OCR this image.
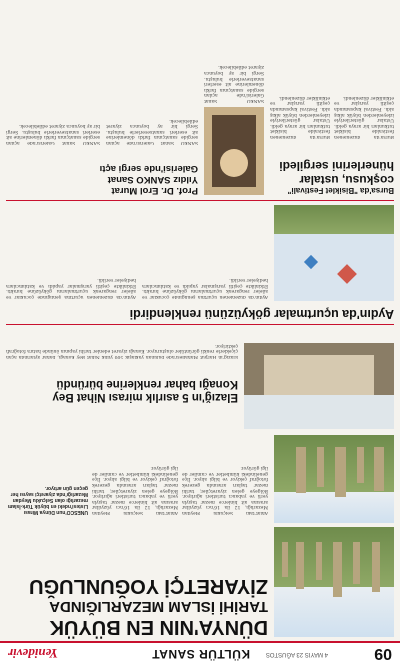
09
4 MAYIS 23 AĞUSTOS
KÜLTÜR SANAT
Yenidevir
DÜNYA'NIN EN BÜYÜK
TARİHİ İSLAM MEZARLIĞINDA
ZİYARETÇİ YOĞUNLUĞU
UNESCO'nun Dünya Mirası Listesi'ndeki en büyük Türk-İslam mezarlığı olan Selçuklu Meydan Mezarlığı'nda ziyaretçi sayısı her geçen gün artıyor.
Ahlat'taki Selçuklu Meydan Mezarlığı, 12 ila 16'ncı yüzyıllar arasına ait binlerce mezar taşıyla yerli ve yabancı turistleri ağırlıyor. Bölgeye gelen ziyaretçiler, tarihi mezar taşları arasında gezerek fotoğraf çekiyor ve bilgi alıyor. İlçe genelindeki kümbetler ve camiler de ilgi görüyor.
Ahlat'taki Selçuklu Meydan Mezarlığı, 12 ila 16'ncı yüzyıllar arasına ait binlerce mezar taşıyla yerli ve yabancı turistleri ağırlıyor. Bölgeye gelen ziyaretçiler, tarihi mezar taşları arasında gezerek fotoğraf çekiyor ve bilgi alıyor. İlçe genelindeki kümbetler ve camiler de ilgi görüyor.
Elazığ'ın 5 asırlık mirası Nihat Bey
Konağı bahar renklerine büründü
Elazığ'ın Harput Mahallesi'nde bulunan yaklaşık 500 yıllık Nihat Bey Konağı, bahar aylarında açan çiçeklerle renkli görüntüler oluşturuyor. Konağı ziyaret edenler tarihi yapının önünde hatıra fotoğrafı çektiriyor.
Aydın'da uçurtmalar gökyüzünü renklendirdi
Aydın'da düzenlenen uçurtma şenliğinde çocuklar ve aileler rengarenk uçurtmalarını gökyüzüne bıraktı. Etkinlikte çeşitli yarışmalar yapıldı ve katılımcılara hediyeler verildi.
Aydın'da düzenlenen uçurtma şenliğinde çocuklar ve aileler rengarenk uçurtmalarını gökyüzüne bıraktı. Etkinlikte çeşitli yarışmalar yapıldı ve katılımcılara hediyeler verildi.
Bursa'da "Bisiklet Festivali"
coşkusu, ustalar
hünerlerini sergiledi
Bursa'da düzenlenen festivalde bisiklet tutkunları bir araya geldi. Ustalar gösterileriyle izleyenlerden büyük alkış aldı. Festival kapsamında çeşitli yarışlar ve etkinlikler düzenlendi.
Bursa'da düzenlenen festivalde bisiklet tutkunları bir araya geldi. Ustalar gösterileriyle izleyenlerden büyük alkış aldı. Festival kapsamında çeşitli yarışlar ve etkinlikler düzenlendi.
SANKO Sanat Galerisi'nde açılan sergide sanatçının farklı dönemlerine ait eserleri sanatseverlerle buluştu. Sergi bir ay boyunca ziyaret edilebilecek.
Prof. Dr. Erol Murat
Yıldız SANKO Sanat
Galerisi'nde sergi açtı
SANKO Sanat Galerisi'nde açılan sergide sanatçının farklı dönemlerine ait eserleri sanatseverlerle buluştu. Sergi bir ay boyunca ziyaret edilebilecek.
SANKO Sanat Galerisi'nde açılan sergide sanatçının farklı dönemlerine ait eserleri sanatseverlerle buluştu. Sergi bir ay boyunca ziyaret edilebilecek.
